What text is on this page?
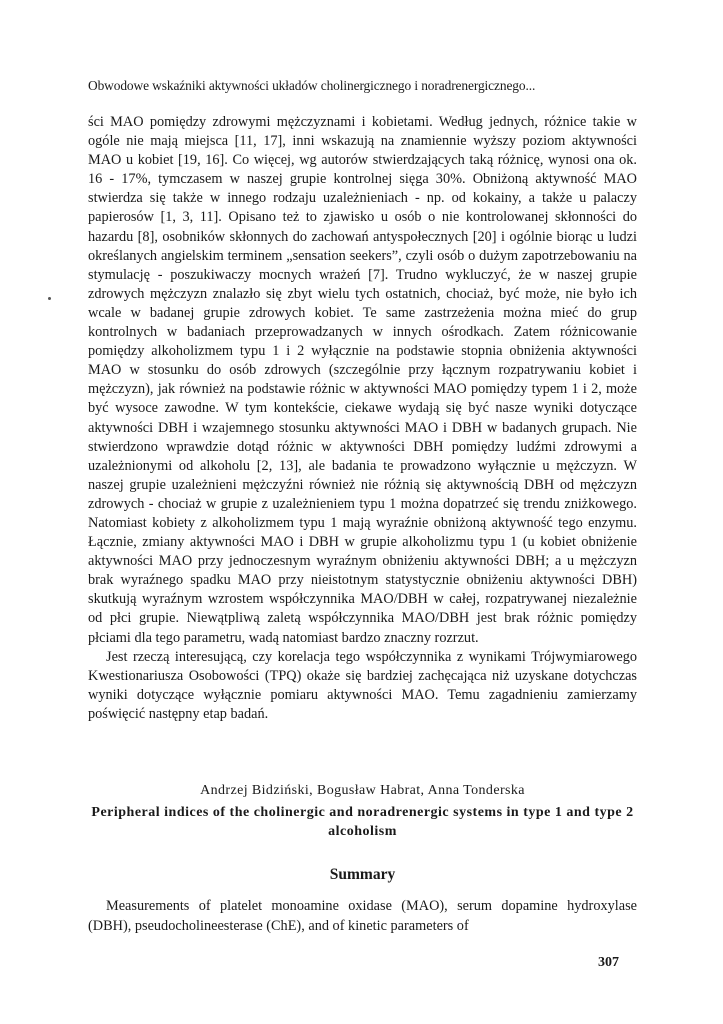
Obwodowe wskaźniki aktywności układów cholinergicznego i noradrenergicznego...

ści MAO pomiędzy zdrowymi mężczyznami i kobietami. Według jednych, różnice takie w ogóle nie mają miejsca [11, 17], inni wskazują na znamiennie wyższy poziom aktywności MAO u kobiet [19, 16]. Co więcej, wg autorów stwierdzających taką różnicę, wynosi ona ok. 16 - 17%, tymczasem w naszej grupie kontrolnej sięga 30%. Obniżoną aktywność MAO stwierdza się także w innego rodzaju uzależnieniach - np. od kokainy, a także u palaczy papierosów [1, 3, 11]. Opisano też to zjawisko u osób o nie kontrolowanej skłonności do hazardu [8], osobników skłonnych do zachowań antyspołecznych [20] i ogólnie biorąc u ludzi określanych angielskim terminem „sensation seekers”, czyli osób o dużym zapotrzebowaniu na stymulację - poszukiwaczy mocnych wrażeń [7]. Trudno wykluczyć, że w naszej grupie zdrowych mężczyzn znalazło się zbyt wielu tych ostatnich, chociaż, być może, nie było ich wcale w badanej grupie zdrowych kobiet. Te same zastrzeżenia można mieć do grup kontrolnych w badaniach przeprowadzanych w innych ośrodkach. Zatem różnicowanie pomiędzy alkoholizmem typu 1 i 2 wyłącznie na podstawie stopnia obniżenia aktywności MAO w stosunku do osób zdrowych (szczególnie przy łącznym rozpatrywaniu kobiet i mężczyzn), jak również na podstawie różnic w aktywności MAO pomiędzy typem 1 i 2, może być wysoce zawodne. W tym kontekście, ciekawe wydają się być nasze wyniki dotyczące aktywności DBH i wzajemnego stosunku aktywności MAO i DBH w badanych grupach. Nie stwierdzono wprawdzie dotąd różnic w aktywności DBH pomiędzy ludźmi zdrowymi a uzależnionymi od alkoholu [2, 13], ale badania te prowadzono wyłącznie u mężczyzn. W naszej grupie uzależnieni mężczyźni również nie różnią się aktywnością DBH od mężczyzn zdrowych - chociaż w grupie z uzależnieniem typu 1 można dopatrzeć się trendu zniżkowego. Natomiast kobiety z alkoholizmem typu 1 mają wyraźnie obniżoną aktywność tego enzymu. Łącznie, zmiany aktywności MAO i DBH w grupie alkoholizmu typu 1 (u kobiet obniżenie aktywności MAO przy jednoczesnym wyraźnym obniżeniu aktywności DBH; a u mężczyzn brak wyraźnego spadku MAO przy nieistotnym statystycznie obniżeniu aktywności DBH) skutkują wyraźnym wzrostem współczynnika MAO/DBH w całej, rozpatrywanej niezależnie od płci grupie. Niewątpliwą zaletą współczynnika MAO/DBH jest brak różnic pomiędzy płciami dla tego parametru, wadą natomiast bardzo znaczny rozrzut.

Jest rzeczą interesującą, czy korelacja tego współczynnika z wynikami Trójwymiarowego Kwestionariusza Osobowości (TPQ) okaże się bardziej zachęcająca niż uzyskane dotychczas wyniki dotyczące wyłącznie pomiaru aktywności MAO. Temu zagadnieniu zamierzamy poświęcić następny etap badań.

Andrzej Bidziński, Bogusław Habrat, Anna Tonderska
Peripheral indices of the cholinergic and noradrenergic systems in type 1 and type 2 alcoholism
Summary

Measurements of platelet monoamine oxidase (MAO), serum dopamine hydroxylase (DBH), pseudocholineesterase (ChE), and of kinetic parameters of

307
